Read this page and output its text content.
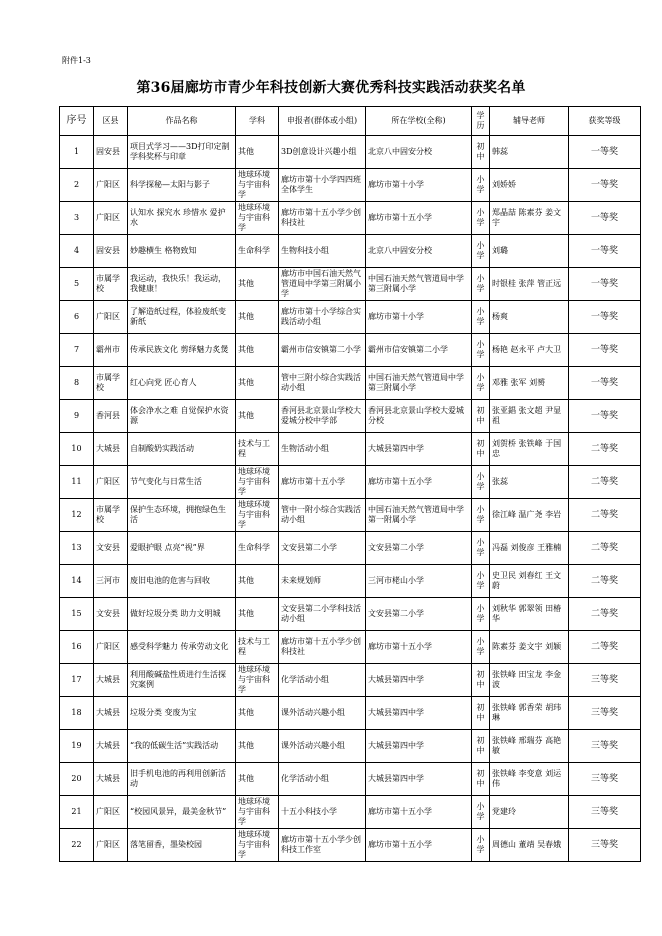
附件1-3
第36届廊坊市青少年科技创新大赛优秀科技实践活动获奖名单
序号	区县	作品名称	学科	申报者(群体或小组)	所在学校(全称)	学历	辅导老师	获奖等级
1	固安县	项目式学习——3D打印定制学科奖杯与印章	其他	3D创意设计兴趣小组	北京八中固安分校	初中	韩蕊	一等奖
2	广阳区	科学探秘—太阳与影子	地球环境与宇宙科学	廊坊市第十小学四四班全体学生	廊坊市第十小学	小学	刘娇娇	一等奖
3	广阳区	认知水 探究水 珍惜水 爱护水	地球环境与宇宙科学	廊坊市第十五小学少创科技社	廊坊市第十五小学	小学	郑晶喆 陈素芬 姜文宇	一等奖
4	固安县	妙趣横生 格物致知	生命科学	生物科技小组	北京八中固安分校	小学	刘璐	一等奖
5	市属学校	我运动，我快乐！我运动，我健康！	其他	廊坊市中国石油天然气管道局中学第三附属小学	中国石油天然气管道局中学第三附属小学	小学	时银桂 张萍 管正远	一等奖
6	广阳区	了解造纸过程，体验废纸变新纸	其他	廊坊市第十小学综合实践活动小组	廊坊市第十小学	小学	杨爽	一等奖
7	霸州市	传承民族文化 剪绎魅力炙煲	其他	霸州市信安镇第二小学	霸州市信安镇第二小学	小学	杨艳 赵永平 卢大卫	一等奖
8	市属学校	红心向党 匠心育人	其他	管中三附小综合实践活动小组	中国石油天然气管道局中学第三附属小学	小学	邓雅 张军 刘赟	一等奖
9	香河县	体会净水之难 自觉保护水资源	其他	香河县北京景山学校大爱城分校中学部	香河县北京景山学校大爱城分校	初中	张亚錩 张文超 尹显祖	一等奖
10	大城县	自制酸奶实践活动	技术与工程	生物活动小组	大城县第四中学	初中	刘贺桥 张铁峰 于国忠	二等奖
11	广阳区	节气变化与日常生活	地球环境与宇宙科学	廊坊市第十五小学	廊坊市第十五小学	小学	张蕊	二等奖
12	市属学校	保护生态环境，拥抱绿色生活	地球环境与宇宙科学	管中一附小综合实践活动小组	中国石油天然气管道局中学第一附属小学	小学	徐江峰 温广尧 李岩	二等奖
13	文安县	爱眼护眼 点亮“视”界	生命科学	文安县第二小学	文安县第二小学	小学	冯磊 刘俊彦 王雅楠	二等奖
14	三河市	废旧电池的危害与回收	其他	未来规划师	三河市栳山小学	小学	史卫民 刘春红 王文蔚	二等奖
15	文安县	做好垃圾分类 助力文明城	其他	文安县第二小学科技活动小组	文安县第二小学	小学	刘秋华 郭翠领 田椿华	二等奖
16	广阳区	感受科学魅力 传承劳动文化	技术与工程	廊坊市第十五小学少创科技社	廊坊市第十五小学	小学	陈素芬 姜文宇 刘颖	二等奖
17	大城县	利用酸碱盐性质进行生活探究案例	地球环境与宇宙科学	化学活动小组	大城县第四中学	初中	张铁峰 田宝龙 李金波	三等奖
18	大城县	垃圾分类 变废为宝	其他	课外活动兴趣小组	大城县第四中学	初中	张铁峰 郭香荣 胡玮琳	三等奖
19	大城县	“我的低碳生活”实践活动	其他	课外活动兴趣小组	大城县第四中学	初中	张铁峰 邢瑞芬 高艳敏	三等奖
20	大城县	旧手机电池的再利用创新活动	其他	化学活动小组	大城县第四中学	初中	张铁峰 李变意 刘运伟	三等奖
21	广阳区	“校园风景异，最美金秋节”	地球环境与宇宙科学	十五小科技小学	廊坊市第十五小学	小学	党建玲	三等奖
22	广阳区	落笔留香，墨染校园	地球环境与宇宙科学	廊坊市第十五小学少创科技工作室	廊坊市第十五小学	小学	周德山 董靖 吴春娥	三等奖
